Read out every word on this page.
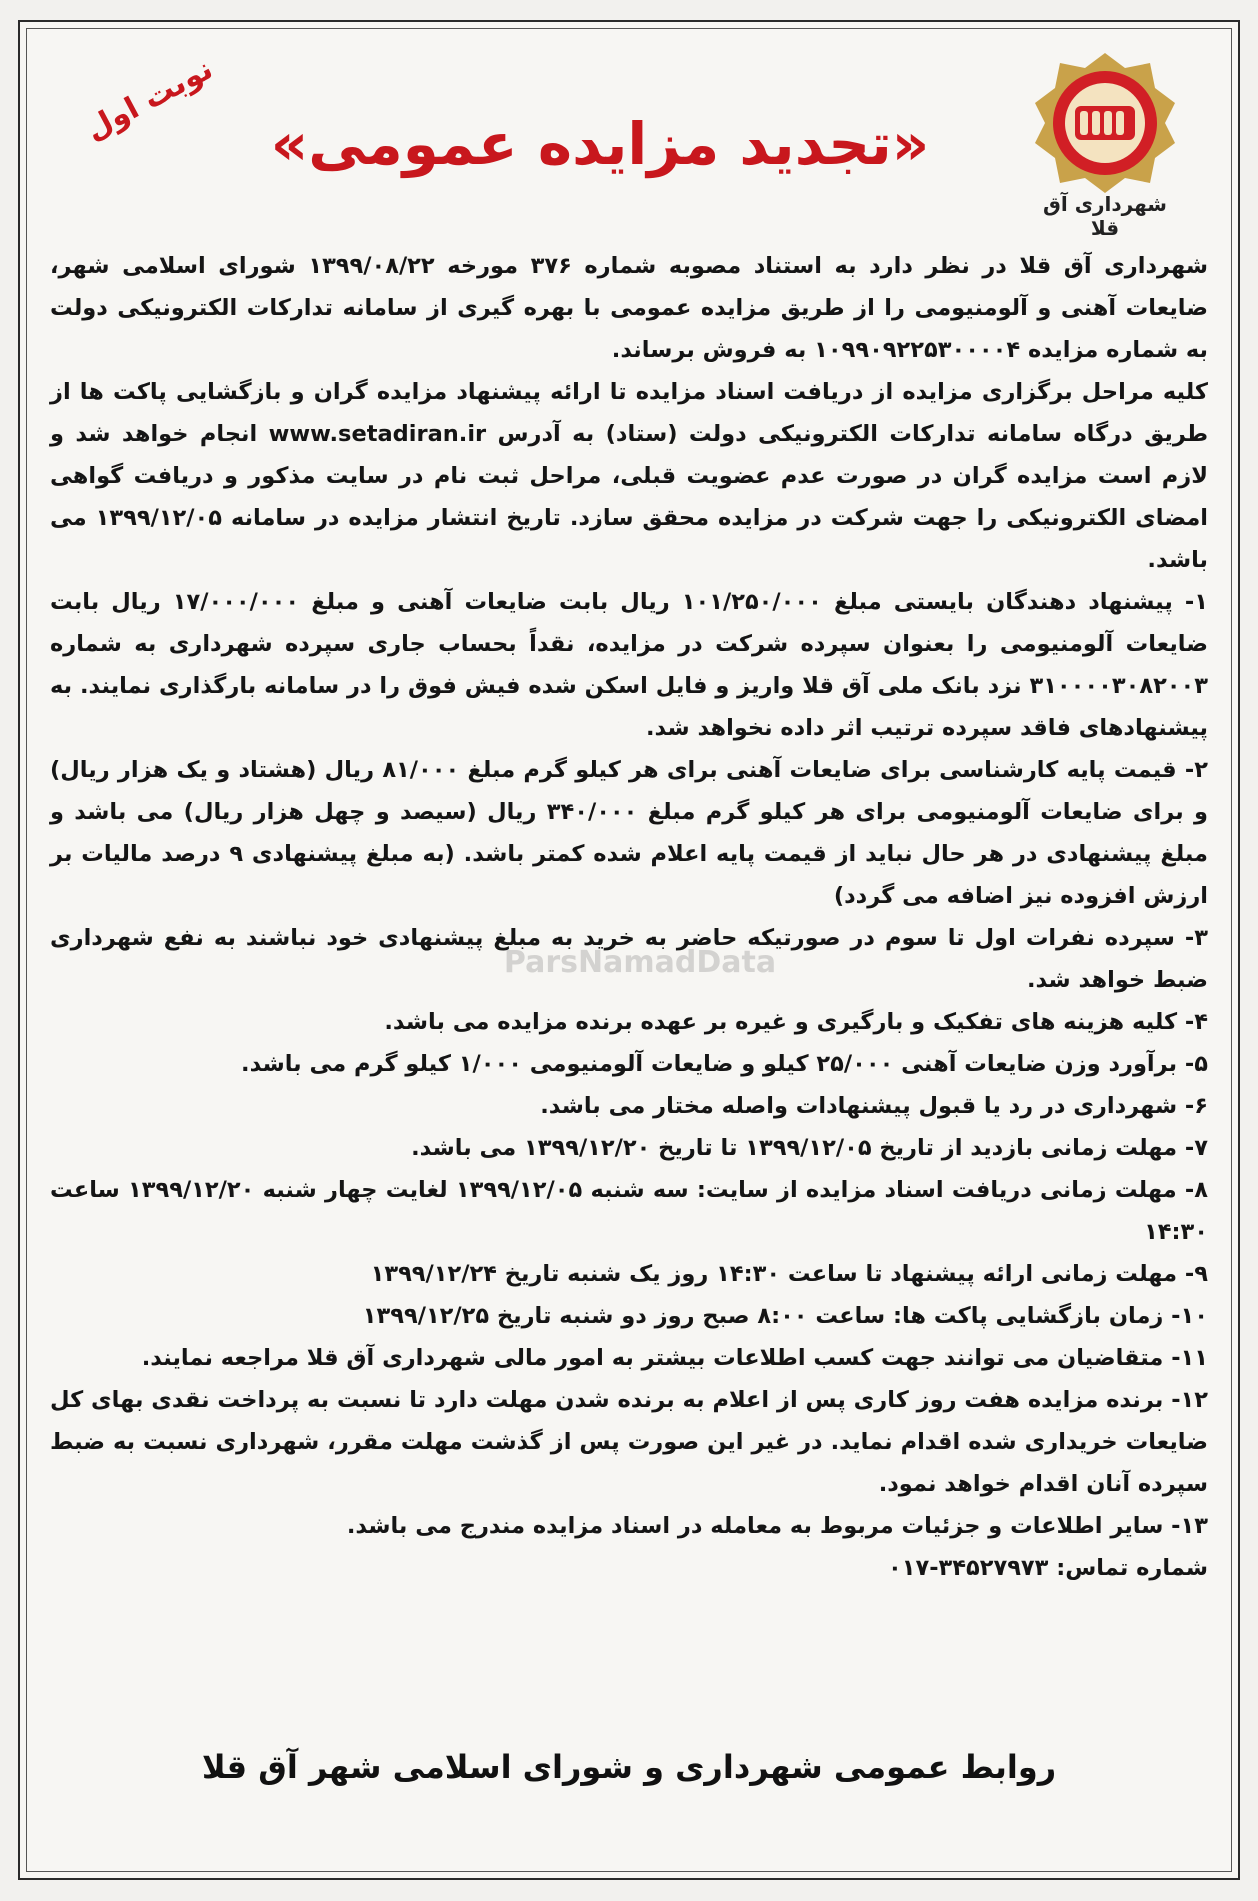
نوبت اول «تجدید مزایده عمومی»
شهرداری آق قلا

شهرداری آق قلا در نظر دارد به استناد مصوبه شماره ۳۷۶ مورخه ۱۳۹۹/۰۸/۲۲ شورای اسلامی شهر، ضایعات آهنی و آلومنیومی را از طریق مزایده عمومی با بهره گیری از سامانه تدارکات الکترونیکی دولت به شماره مزایده ۱۰۹۹۰۹۲۲۵۳۰۰۰۰۴ به فروش برساند.

کلیه مراحل برگزاری مزایده از دریافت اسناد مزایده تا ارائه پیشنهاد مزایده گران و بازگشایی پاکت ها از طریق درگاه سامانه تدارکات الکترونیکی دولت (ستاد) به آدرس www.setadiran.ir انجام خواهد شد و لازم است مزایده گران در صورت عدم عضویت قبلی، مراحل ثبت نام در سایت مذکور و دریافت گواهی امضای الکترونیکی را جهت شرکت در مزایده محقق سازد. تاریخ انتشار مزایده در سامانه ۱۳۹۹/۱۲/۰۵ می باشد.

۱- پیشنهاد دهندگان بایستی مبلغ ۱۰۱/۲۵۰/۰۰۰ ریال بابت ضایعات آهنی و مبلغ ۱۷/۰۰۰/۰۰۰ ریال بابت ضایعات آلومنیومی را بعنوان سپرده شرکت در مزایده، نقداً بحساب جاری سپرده شهرداری به شماره ۳۱۰۰۰۰۳۰۸۲۰۰۳ نزد بانک ملی آق قلا واریز و فایل اسکن شده فیش فوق را در سامانه بارگذاری نمایند. به پیشنهادهای فاقد سپرده ترتیب اثر داده نخواهد شد.

۲- قیمت پایه کارشناسی برای ضایعات آهنی برای هر کیلو گرم مبلغ ۸۱/۰۰۰ ریال (هشتاد و یک هزار ریال) و برای ضایعات آلومنیومی برای هر کیلو گرم مبلغ ۳۴۰/۰۰۰ ریال (سیصد و چهل هزار ریال) می باشد و مبلغ پیشنهادی در هر حال نباید از قیمت پایه اعلام شده کمتر باشد. (به مبلغ پیشنهادی ۹ درصد مالیات بر ارزش افزوده نیز اضافه می گردد)

۳- سپرده نفرات اول تا سوم در صورتیکه حاضر به خرید به مبلغ پیشنهادی خود نباشند به نفع شهرداری ضبط خواهد شد.

۴- کلیه هزینه های تفکیک و بارگیری و غیره بر عهده برنده مزایده می باشد.

۵- برآورد وزن ضایعات آهنی ۲۵/۰۰۰ کیلو و ضایعات آلومنیومی ۱/۰۰۰ کیلو گرم می باشد.

۶- شهرداری در رد یا قبول پیشنهادات واصله مختار می باشد.

۷- مهلت زمانی بازدید از تاریخ ۱۳۹۹/۱۲/۰۵ تا تاریخ ۱۳۹۹/۱۲/۲۰ می باشد.

۸- مهلت زمانی دریافت اسناد مزایده از سایت: سه شنبه ۱۳۹۹/۱۲/۰۵ لغایت چهار شنبه ۱۳۹۹/۱۲/۲۰ ساعت ۱۴:۳۰

۹- مهلت زمانی ارائه پیشنهاد تا ساعت ۱۴:۳۰ روز یک شنبه تاریخ ۱۳۹۹/۱۲/۲۴

۱۰- زمان بازگشایی پاکت ها: ساعت ۸:۰۰ صبح روز دو شنبه تاریخ ۱۳۹۹/۱۲/۲۵

۱۱- متقاضیان می توانند جهت کسب اطلاعات بیشتر به امور مالی شهرداری آق قلا مراجعه نمایند.

۱۲- برنده مزایده هفت روز کاری پس از اعلام به برنده شدن مهلت دارد تا نسبت به پرداخت نقدی بهای کل ضایعات خریداری شده اقدام نماید. در غیر این صورت پس از گذشت مهلت مقرر، شهرداری نسبت به ضبط سپرده آنان اقدام خواهد نمود.

۱۳- سایر اطلاعات و جزئیات مربوط به معامله در اسناد مزایده مندرج می باشد.

شماره تماس: ۳۴۵۲۷۹۷۳-۰۱۷

ParsNamadData
روابط عمومی شهرداری و شورای اسلامی شهر آق قلا
